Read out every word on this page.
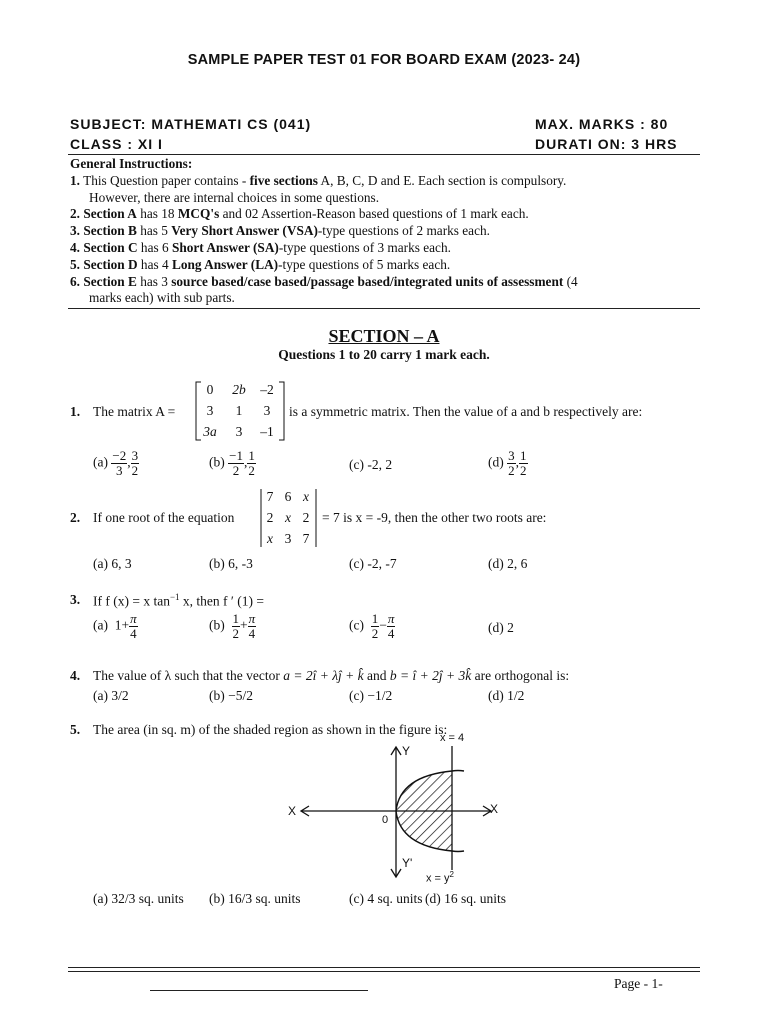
SAMPLE PAPER TEST 01 FOR BOARD EXAM (2023- 24)
SUBJECT: MATHEMATI CS (041)	MAX. MARKS : 80
CLASS : XI I	DURATI ON: 3 HRS
General Instructions:
1. This Question paper contains - five sections A, B, C, D and E. Each section is compulsory.
However, there are internal choices in some questions.
2. Section A has 18 MCQ's and 02 Assertion-Reason based questions of 1 mark each.
3. Section B has 5 Very Short Answer (VSA)-type questions of 2 marks each.
4. Section C has 6 Short Answer (SA)-type questions of 3 marks each.
5. Section D has 4 Long Answer (LA)-type questions of 5 marks each.
6. Section E has 3 source based/case based/passage based/integrated units of assessment (4
marks each) with sub parts.
SECTION – A
Questions 1 to 20 carry 1 mark each.
1. The matrix A =
0	2b	–2
3	1	3
3a	3	–1
is a symmetric matrix. Then the value of a and b respectively are:
$(a) \frac{-2}{3}$ , $\frac{3}{2}$	$(b) \frac{-1}{2}$ , $\frac{1}{2}$	(c) -2, 2	$(d) \frac{3}{2}$ , $\frac{1}{2}$
2. If one root of the equation
7 6 x
2 x 2
x 3 7
= 7 is x = -9, then the other two roots are:
(a) 6, 3	(b) 6, -3	(c) -2, -7	(d) 2, 6
3. If f (x) = x $\tan^{-1} x$, then f ′ (1) =
(a) $1+ \frac{\pi}{4}$	$(b) \frac{1}{2} + \frac{\pi}{4}$	$(c) \frac{1}{2} - \frac{\pi}{4}$	(d) 2
4. The value of λ such that the vector a = 2î + λĵ + k̂ and b = î + 2ĵ + 3k̂ are orthogonal is:
(a) 3/2	(b) −5/2	(c) −1/2	(d) 1/2
5. The area (in sq. m) of the shaded region as shown in the figure is:
Y
Y'
X	X
0
x = 4
$x = y^2$
(a) 32/3 sq. units (b) 16/3 sq. units	(c) 4 sq. units (d) 16 sq. units
Page - 1-
